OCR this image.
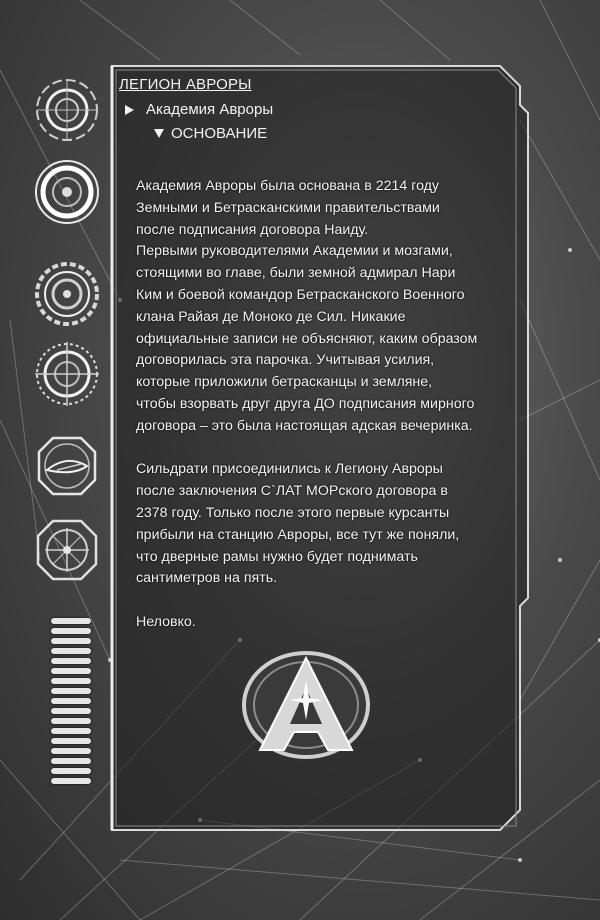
ЛЕГИОН АВРОРЫ
Академия Авроры
ОСНОВАНИЕ

Академия Авроры была основана в 2214 году
Земными и Бетрасканскими правительствами
после подписания договора Наиду.
Первыми руководителями Академии и мозгами,
стоящими во главе, были земной адмирал Нари
Ким и боевой командор Бетрасканского Военного
клана Райая де Моноко де Сил. Никакие
официальные записи не объясняют, каким образом
договорилась эта парочка. Учитывая усилия,
которые приложили бетрасканцы и земляне,
чтобы взорвать друг друга ДО подписания мирного
договора – это была настоящая адская вечеринка.

Сильдрати присоединились к Легиону Авроры
после заключения С`ЛАТ МОРского договора в
2378 году. Только после этого первые курсанты
прибыли на станцию Авроры, все тут же поняли,
что дверные рамы нужно будет поднимать
сантиметров на пять.

Неловко.
